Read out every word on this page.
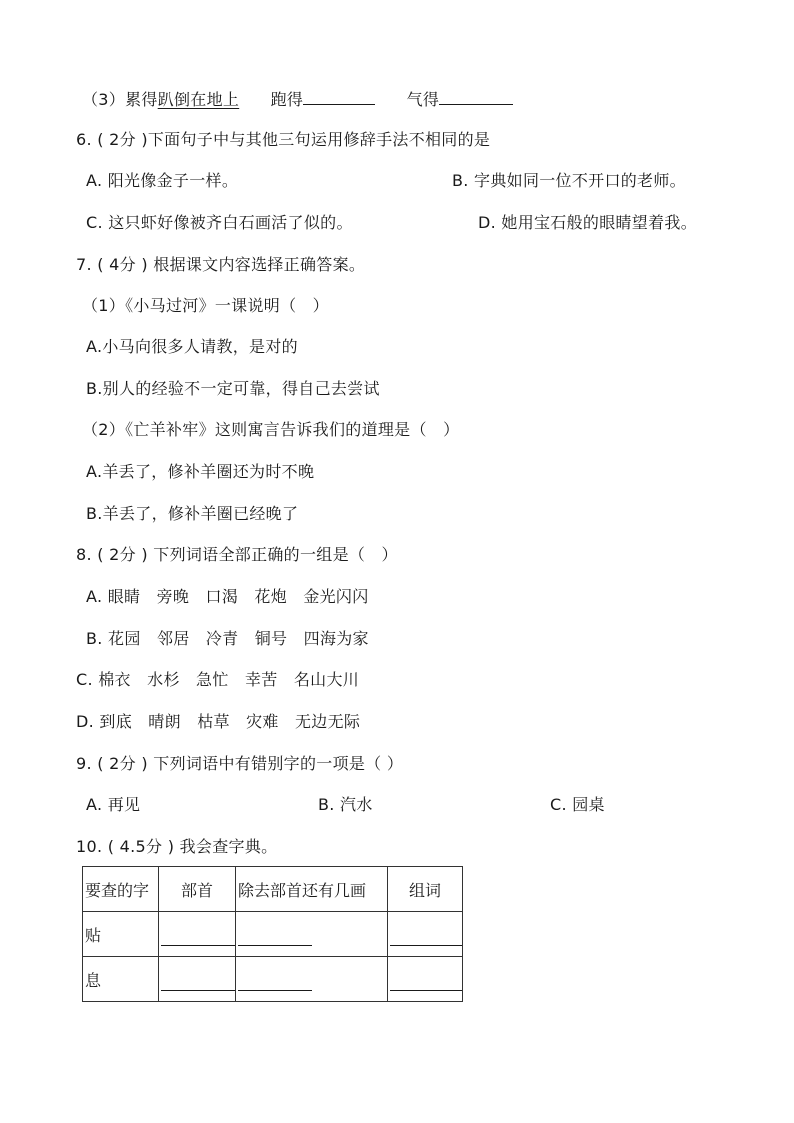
（3）累得趴倒在地上 跑得	气得
6. ( 2分 )下面句子中与其他三句运用修辞手法不相同的是
A. 阳光像金子一样。	B. 字典如同一位不开口的老师。
C. 这只虾好像被齐白石画活了似的。	D. 她用宝石般的眼睛望着我。
7. ( 4分 ) 根据课文内容选择正确答案。
（1）《小马过河》一课说明（　）
A.小马向很多人请教，是对的
B.别人的经验不一定可靠，得自己去尝试
（2）《亡羊补牢》这则寓言告诉我们的道理是（　）
A.羊丢了，修补羊圈还为时不晚
B.羊丢了，修补羊圈已经晚了
8. ( 2分 ) 下列词语全部正确的一组是（　）
A. 眼睛　旁晚　口渴　花炮　金光闪闪
B. 花园　邻居　冷青　铜号　四海为家
C. 棉衣　水杉　急忙　幸苦　名山大川
D. 到底　晴朗　枯草　灾难　无边无际
9. ( 2分 ) 下列词语中有错别字的一项是（ ）
A. 再见	B. 汽水	C. 园桌
10. ( 4.5分 ) 我会查字典。
要查的字	部首	除去部首还有几画	组词
贴			
息			
